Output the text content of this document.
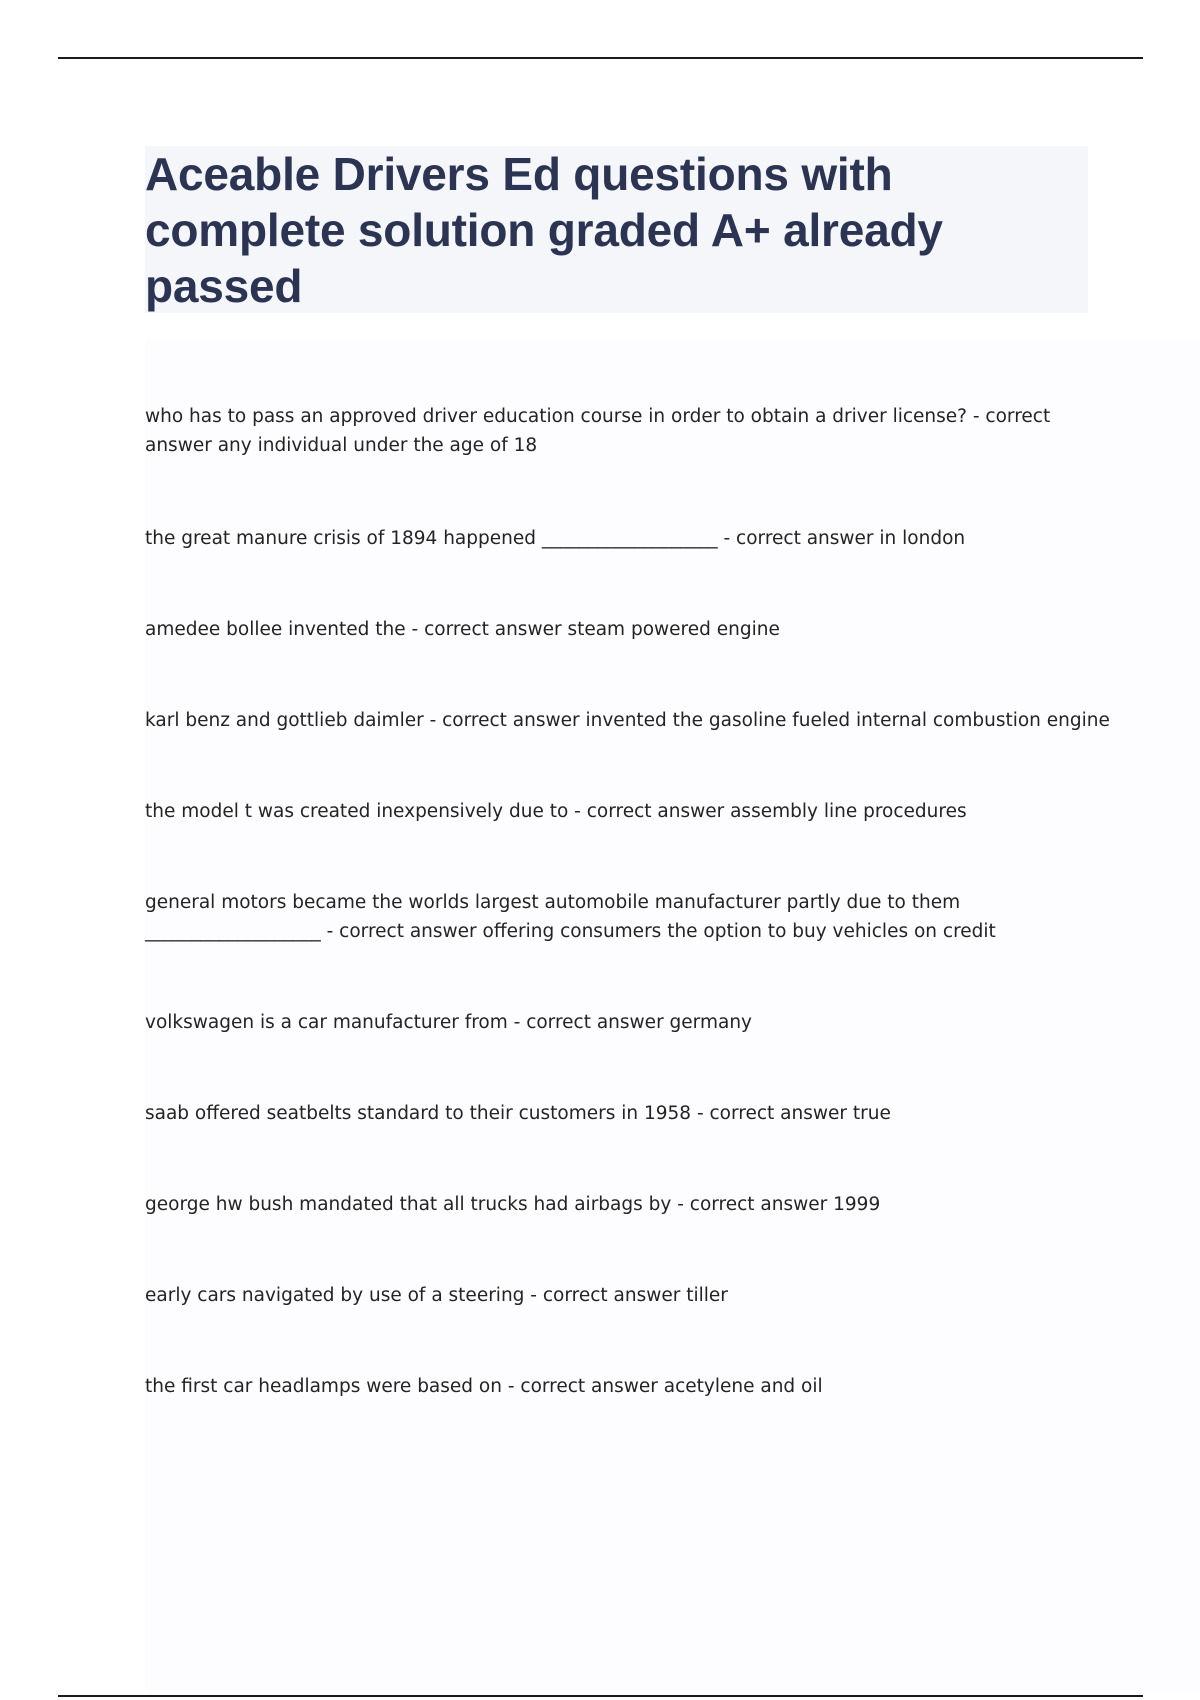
Aceable Drivers Ed questions with complete solution graded A+ already passed
who has to pass an approved driver education course in order to obtain a driver license? - correct
answer any individual under the age of 18
the great manure crisis of 1894 happened ___________________ - correct answer in london
amedee bollee invented the - correct answer steam powered engine
karl benz and gottlieb daimler - correct answer invented the gasoline fueled internal combustion engine
the model t was created inexpensively due to - correct answer assembly line procedures
general motors became the worlds largest automobile manufacturer partly due to them
___________________ - correct answer offering consumers the option to buy vehicles on credit
volkswagen is a car manufacturer from - correct answer germany
saab offered seatbelts standard to their customers in 1958 - correct answer true
george hw bush mandated that all trucks had airbags by - correct answer 1999
early cars navigated by use of a steering - correct answer tiller
the first car headlamps were based on - correct answer acetylene and oil
